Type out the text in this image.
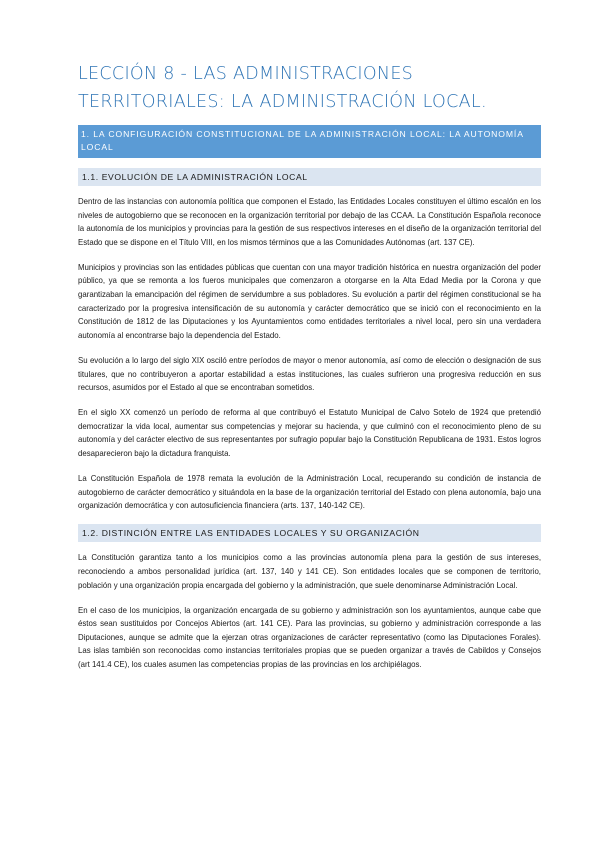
LECCIÓN 8 - LAS ADMINISTRACIONES TERRITORIALES: LA ADMINISTRACIÓN LOCAL.
1. LA CONFIGURACIÓN CONSTITUCIONAL DE LA ADMINISTRACIÓN LOCAL: LA AUTONOMÍA LOCAL
1.1. EVOLUCIÓN DE LA ADMINISTRACIÓN LOCAL

Dentro de las instancias con autonomía política que componen el Estado, las Entidades Locales constituyen el último escalón en los niveles de autogobierno que se reconocen en la organización territorial por debajo de las CCAA. La Constitución Española reconoce la autonomía de los municipios y provincias para la gestión de sus respectivos intereses en el diseño de la organización territorial del Estado que se dispone en el Título VIII, en los mismos términos que a las Comunidades Autónomas (art. 137 CE).

Municipios y provincias son las entidades públicas que cuentan con una mayor tradición histórica en nuestra organización del poder público, ya que se remonta a los fueros municipales que comenzaron a otorgarse en la Alta Edad Media por la Corona y que garantizaban la emancipación del régimen de servidumbre a sus pobladores. Su evolución a partir del régimen constitucional se ha caracterizado por la progresiva intensificación de su autonomía y carácter democrático que se inició con el reconocimiento en la Constitución de 1812 de las Diputaciones y los Ayuntamientos como entidades territoriales a nivel local, pero sin una verdadera autonomía al encontrarse bajo la dependencia del Estado.

Su evolución a lo largo del siglo XIX osciló entre períodos de mayor o menor autonomía, así como de elección o designación de sus titulares, que no contribuyeron a aportar estabilidad a estas instituciones, las cuales sufrieron una progresiva reducción en sus recursos, asumidos por el Estado al que se encontraban sometidos.

En el siglo XX comenzó un período de reforma al que contribuyó el Estatuto Municipal de Calvo Sotelo de 1924 que pretendió democratizar la vida local, aumentar sus competencias y mejorar su hacienda, y que culminó con el reconocimiento pleno de su autonomía y del carácter electivo de sus representantes por sufragio popular bajo la Constitución Republicana de 1931. Estos logros desaparecieron bajo la dictadura franquista.

La Constitución Española de 1978 remata la evolución de la Administración Local, recuperando su condición de instancia de autogobierno de carácter democrático y situándola en la base de la organización territorial del Estado con plena autonomía, bajo una organización democrática y con autosuficiencia financiera (arts. 137, 140-142 CE).

1.2. DISTINCIÓN ENTRE LAS ENTIDADES LOCALES Y SU ORGANIZACIÓN

La Constitución garantiza tanto a los municipios como a las provincias autonomía plena para la gestión de sus intereses, reconociendo a ambos personalidad jurídica (art. 137, 140 y 141 CE). Son entidades locales que se componen de territorio, población y una organización propia encargada del gobierno y la administración, que suele denominarse Administración Local.

En el caso de los municipios, la organización encargada de su gobierno y administración son los ayuntamientos, aunque cabe que éstos sean sustituidos por Concejos Abiertos (art. 141 CE). Para las provincias, su gobierno y administración corresponde a las Diputaciones, aunque se admite que la ejerzan otras organizaciones de carácter representativo (como las Diputaciones Forales). Las islas también son reconocidas como instancias territoriales propias que se pueden organizar a través de Cabildos y Consejos (art 141.4 CE), los cuales asumen las competencias propias de las provincias en los archipiélagos.
